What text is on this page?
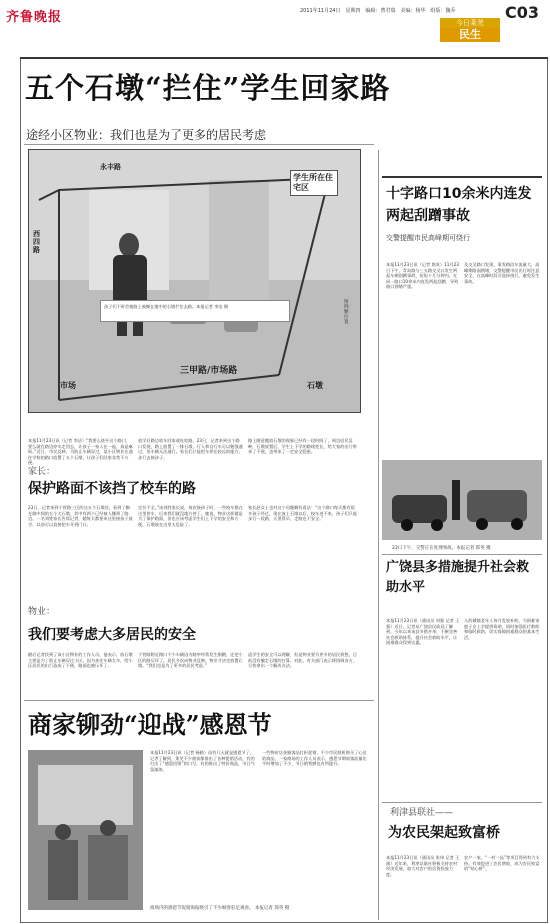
齐鲁晚报	2011年11月24日　星期四　编辑：曹君瑞　美编：杨华　组版：魏乔
今日莱芜
民生
C03
五个石墩“拦住”学生回家路
途经小区物业：我们也是为了更多的居民考虑
永丰路
西四路
市场
三甲路/市场路
石墩
学生所在住宅区
图例：颗位置
孩子们不时会被路上被搁在地中的石墩拦住去路。本报记者 李洁 摄
本报11月23日讯（记者 李洁）“我要么绕开这个路口，要么就在路边停车走回去，让孩子一家人在一起，真是麻烦。”近日，市民反映，为防止车辆穿过，某小区物业在通往学校的路口放置了五个石墩，让孩子们回家非常不方便。
放学后路边收车回家或吐吃路，23日，记者来到这个路口发现，路上放置了一排石墩，行人和自行车可以勉强通过，但车辆无法通行。家长们只能把车停在较远的地方，步行去接孩子。
路上随意搬放石墩的现象已经有一段时间了，周边居民反映，石墩放置后，学生上下学的路线变长，给大家的出行带来了不便，也带来了一定安全隐患。
家长：
保护路面不该挡了校车的路
23日，记者来到于营路三区的这五个石墩处，看到了搁在路中间的五个大石墩，其中有两个已经被人挪到了路边。一名刘姓家长告诉记者，她每天都要来这里接孩子放学，以前可以直接把车开到门口。
定位不全，”该刘姓家长说，每次接孩子时，一些校车都在这里停车，后来我们就没地方停了。她说，物业这样做是为了保护路面，但也应该考虑学生们上下学的安全和方便，石墩放在这里太危险了。
家长赵女士也对这个问题颇有看法：“这个路口每天都有很多孩子经过，现在放上石墩以后，校车进不来，孩子们只能步行一段路，天黑得早，走路也不安全。”
物业：
我们要考虑大多居民的安全
随后记者找到了该小区物业的工作人员。他表示，放石墩主要是为了防止车辆穿过小区，因为来往车辆太多，给小区居民的出行造成了不便，路面也被压坏了。
于营路附近路口不少车辆因为路窄经常发生剐蹭，还把小区的路压坏了，居民多次向物业反映，物业才决定放置石墩。“我们也是为了更多的居民考虑。”
虑学生的安全可以理解，但是物业要为更多的居民着想，目前没有撤走石墩的打算。对此，有关部门表示将协调各方，尽快拿出一个解决办法。
商家铆劲“迎战”感恩节
本报11月23日讯（记者 杨晓）再有几天就是感恩节了，记者了解到，莱芜不少商家都推出了各种促销活动，有的打出了“感恩回馈”的口号，有的推出了特价商品，节日气氛渐浓。
一些物价店金顾客品打折促销，不少市民趁机购买了心仪的商品，一家商场的工作人员表示，感恩节期间客流量比平时增加了不少，节日销售额也有所提升。
商场内的感恩节促销海报吸引了不少顾客驻足观看。 本报记者 郎英 摄
十字路口10余米内连发两起刮蹭事故
交警提醒市民高峰期可绕行
本报11月23日讯（记者 郎英）11月23日下午，青岛路与三五路交叉口发生两起车辆刮蹭事故，短短十几分钟内，在同一路口10余米内连发两起刮蹭，导致路口拥堵严重。
及交叉路口发现，事发路段车流量大，高峰期路面拥堵，交警提醒市民出行时注意安全，在高峰时段可选择绕行，避免发生事故。
23日下午，交警正在处理事故。本报记者 郎英 摄
广饶县多措施提升社会救助水平
本报11月23日讯（通讯员 刘强 记者 王强）近日，记者从广饶县民政局了解到，今年以来该县多措并举，不断完善社会救助体系，提升社会救助水平，让困难群众得到实惠。
人的城镇老年人每月发放补助，为困难家庭子女上学提供资助，同时加强医疗救助和临时救助，切实保障困难群众的基本生活。
利津县联社——
为农民架起致富桥
本报11月23日讯（通讯员 张伟 记者 王刚）近年来，利津县联社积极支持农村经济发展，加大对农户的信贷投放力度。
农户一家，“一村一品”等项目得到有力支持，有效促进了农民增收，成为农民致富的“贴心桥”。
